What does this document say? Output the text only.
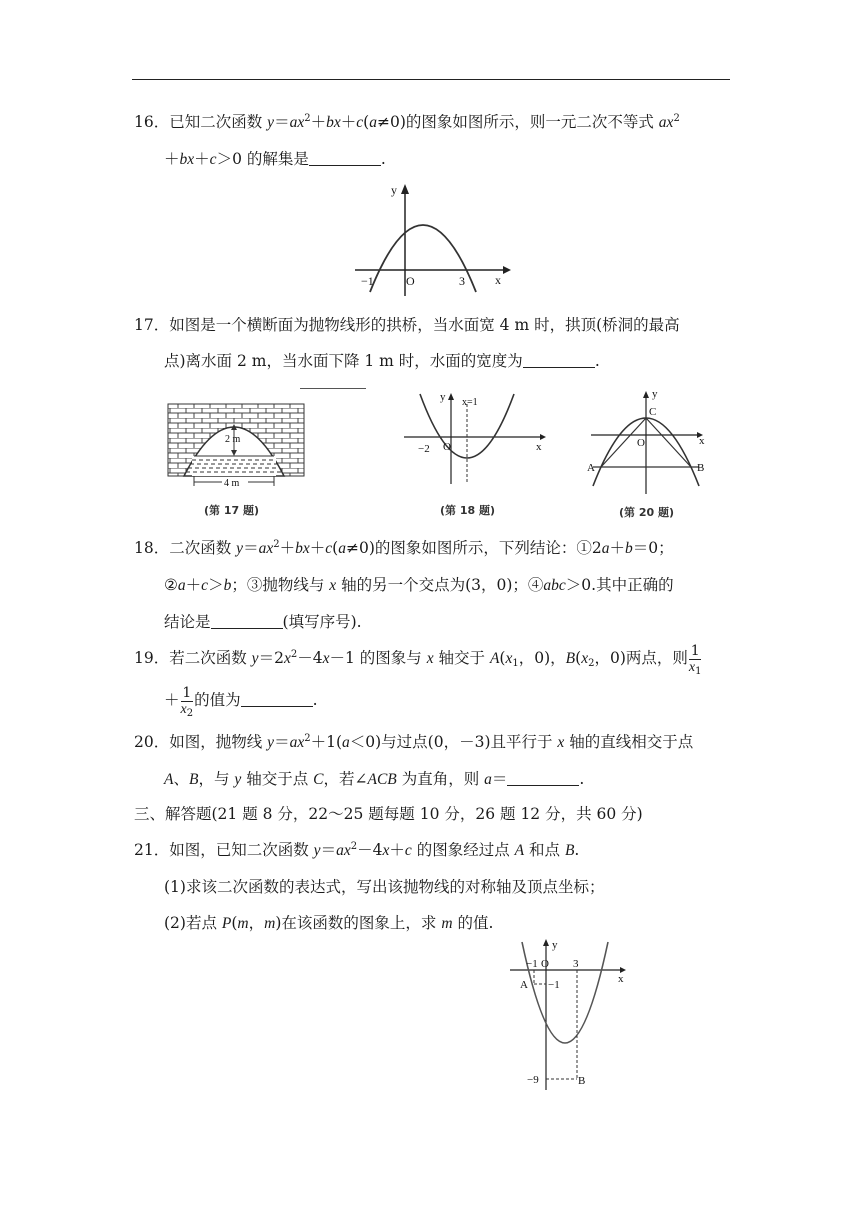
16．已知二次函数 $y=ax^2+bx+c(a\ne 0)$的图象如图所示，则一元二次不等式 $ax^2$
＋bx＋c＞0 的解集是	.
x
y
O
−1	3
17．如图是一个横断面为抛物线形的拱桥，当水面宽 4 m 时，拱顶(桥洞的最高
点)离水面 2 m，当水面下降 1 m 时，水面的宽度为	.
2 m
4 m
(第 17 题)
x
y
O
x=1
−2
(第 18 题)
x
y
O
C
A	B
(第 20 题)
18．二次函数 $y=ax^2+bx+c(a\ne 0)$的图象如图所示，下列结论：①2a＋b＝0；
②a＋c＞b；③抛物线与 x 轴的另一个交点为(3，0)；④abc＞0.其中正确的
结论是	(填写序号).
19．若二次函数 $y=2x^2-4x-1$ 的图象与 x 轴交于 $A(x_1$，0)，$B(x_2$，0)两点，则 $\frac{1}{x_1}$

＋ $\frac{1}{x_2}$ 的值为	.
20．如图，抛物线 $y=ax^2+1(a<0)$与过点(0，－3)且平行于 x 轴的直线相交于点
A、B，与 y 轴交于点 C，若∠ACB 为直角，则 a＝	.
三、解答题(21 题 8 分，22～25 题每题 10 分，26 题 12 分，共 60 分)
21．如图，已知二次函数 $y=ax^2-4x+c$ 的图象经过点 A 和点 B.
(1)求该二次函数的表达式，写出该抛物线的对称轴及顶点坐标；
(2)若点 P(m，m)在该函数的图象上，求 m 的值.
y
x
−1 O 3
A −1
−9	B
